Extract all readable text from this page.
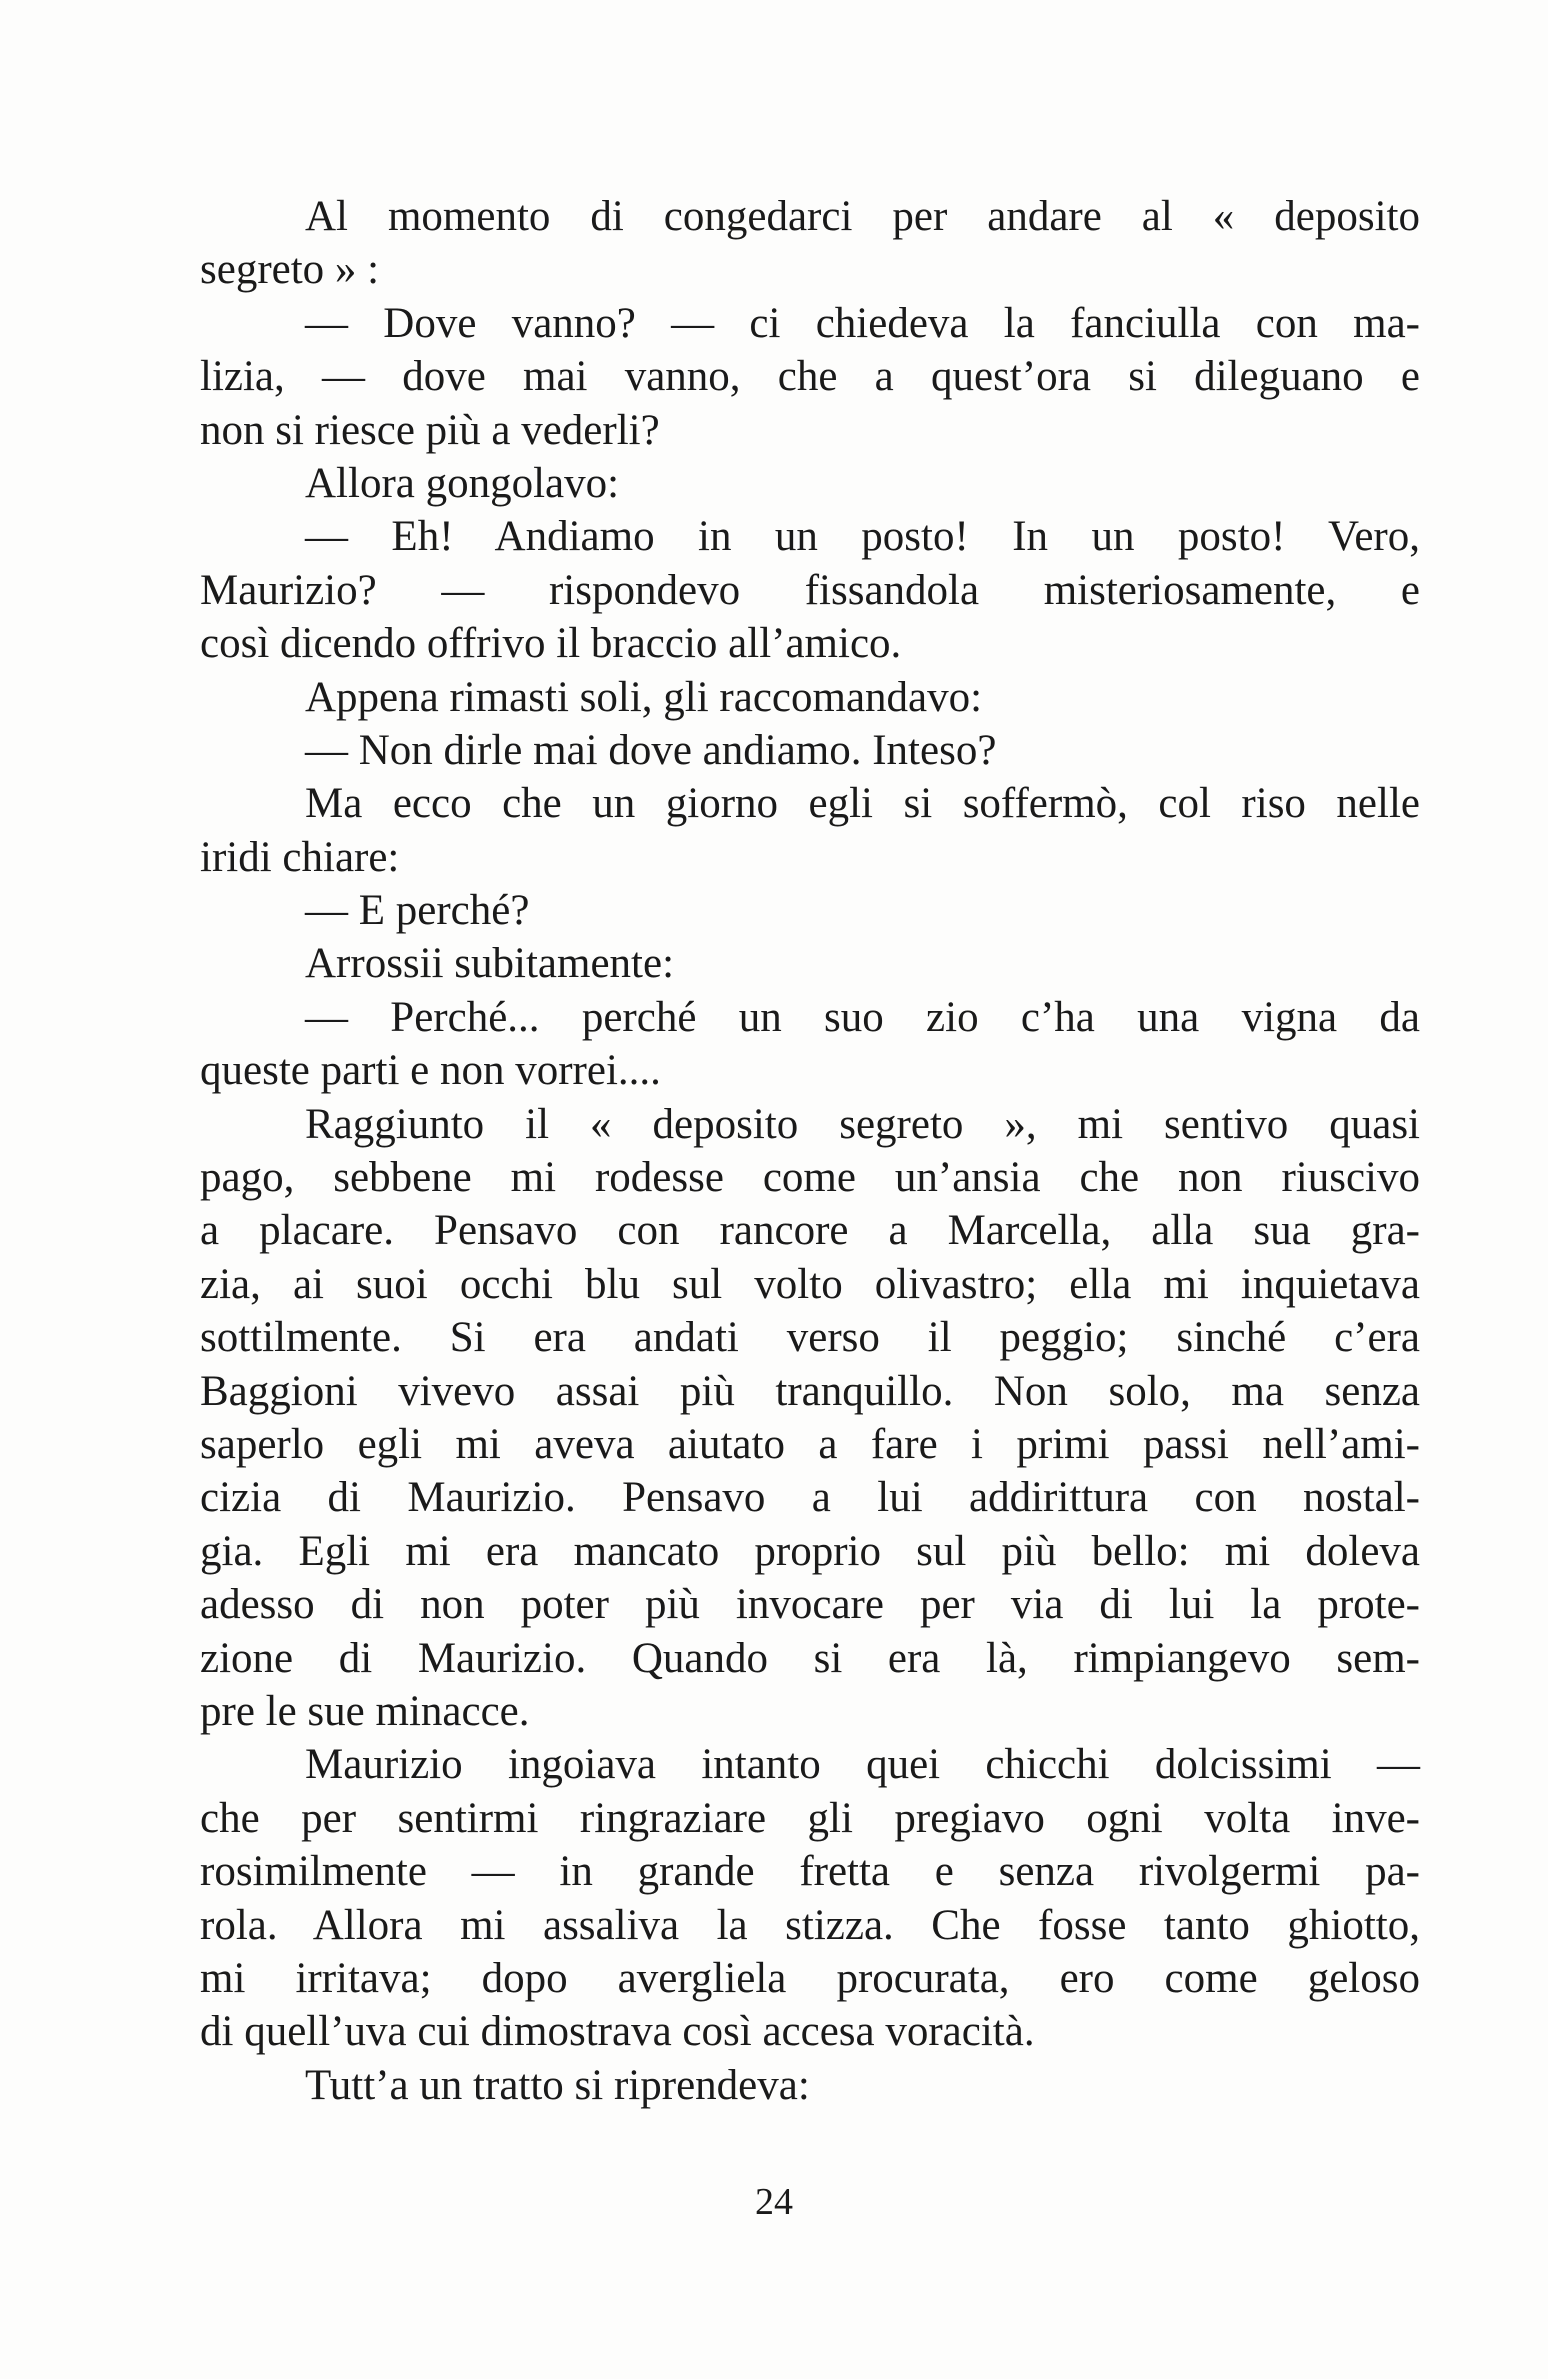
Al momento di congedarci per andare al « deposito
segreto » :
— Dove vanno? — ci chiedeva la fanciulla con ma-
lizia, — dove mai vanno, che a quest’ora si dileguano e
non si riesce più a vederli?
Allora gongolavo:
— Eh! Andiamo in un posto! In un posto! Vero,
Maurizio? — rispondevo fissandola misteriosamente, e
così dicendo offrivo il braccio all’amico.
Appena rimasti soli, gli raccomandavo:
— Non dirle mai dove andiamo. Inteso?
Ma ecco che un giorno egli si soffermò, col riso nelle
iridi chiare:
— E perché?
Arrossii subitamente:
— Perché... perché un suo zio c’ha una vigna da
queste parti e non vorrei....
Raggiunto il « deposito segreto », mi sentivo quasi
pago, sebbene mi rodesse come un’ansia che non riuscivo
a placare. Pensavo con rancore a Marcella, alla sua gra-
zia, ai suoi occhi blu sul volto olivastro; ella mi inquietava
sottilmente. Si era andati verso il peggio; sinché c’era
Baggioni vivevo assai più tranquillo. Non solo, ma senza
saperlo egli mi aveva aiutato a fare i primi passi nell’ami-
cizia di Maurizio. Pensavo a lui addirittura con nostal-
gia. Egli mi era mancato proprio sul più bello: mi doleva
adesso di non poter più invocare per via di lui la prote-
zione di Maurizio. Quando si era là, rimpiangevo sem-
pre le sue minacce.
Maurizio ingoiava intanto quei chicchi dolcissimi —
che per sentirmi ringraziare gli pregiavo ogni volta inve-
rosimilmente — in grande fretta e senza rivolgermi pa-
rola. Allora mi assaliva la stizza. Che fosse tanto ghiotto,
mi irritava; dopo avergliela procurata, ero come geloso
di quell’uva cui dimostrava così accesa voracità.
Tutt’a un tratto si riprendeva:
24
